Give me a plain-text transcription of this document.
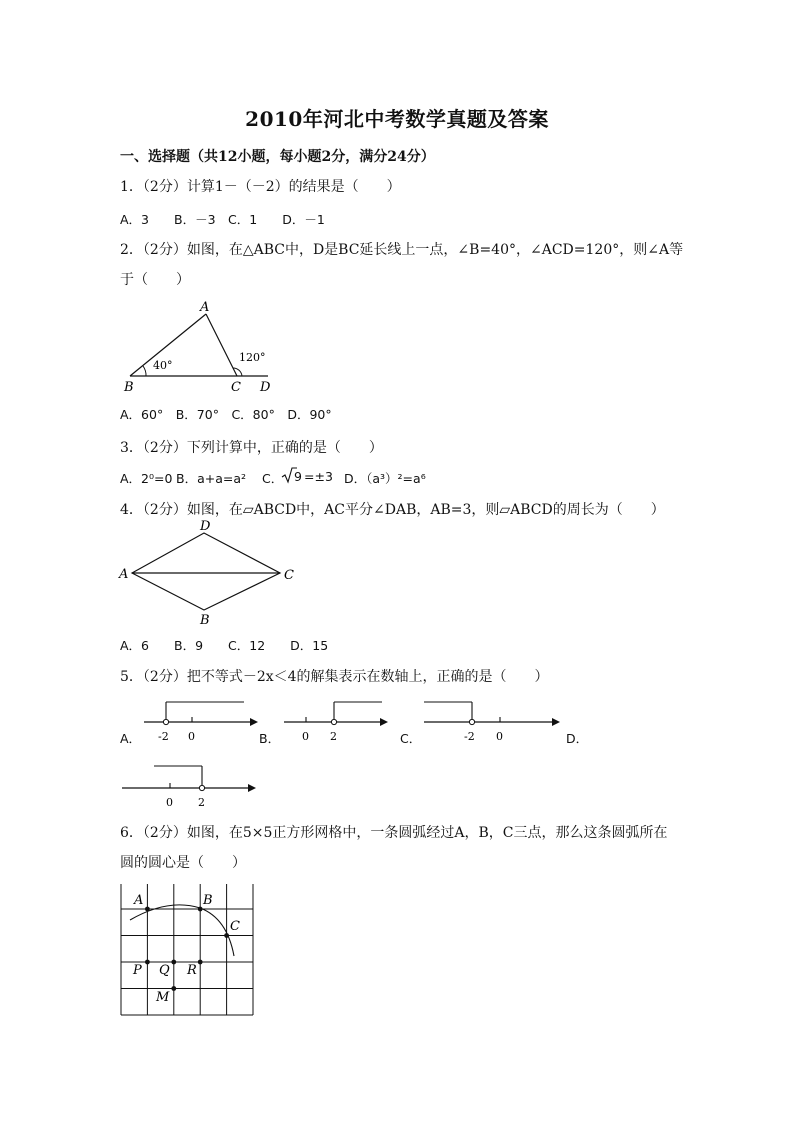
2010年河北中考数学真题及答案
一、选择题（共12小题，每小题2分，满分24分）
1．（2分）计算1－（－2）的结果是（　　）
A．3　　B．－3　C．1　　D．－1
2．（2分）如图，在△ABC中，D是BC延长线上一点，∠B=40°，∠ACD=120°，则∠A等
于（　　）
A
B	C D
40°
120°
A．60°　B．70°　C．80°　D．90°
3．（2分）下列计算中，正确的是（　　）
A．2⁰=0 B．a+a=a² C． 9 =±3 D．（a³）²=a⁶
4．（2分）如图，在▱ABCD中，AC平分∠DAB，AB=3，则▱ABCD的周长为（　　）
A
D
C
B
A．6　　B．9　　C．12　　D．15
5．（2分）把不等式－2x＜4的解集表示在数轴上，正确的是（　　）
A． -2 0	B． 0 2	C．	-2 0	D．
0 2
6．（2分）如图，在5×5正方形网格中，一条圆弧经过A，B，C三点，那么这条圆弧所在
圆的圆心是（　　）
A	B
C
P Q R
M
